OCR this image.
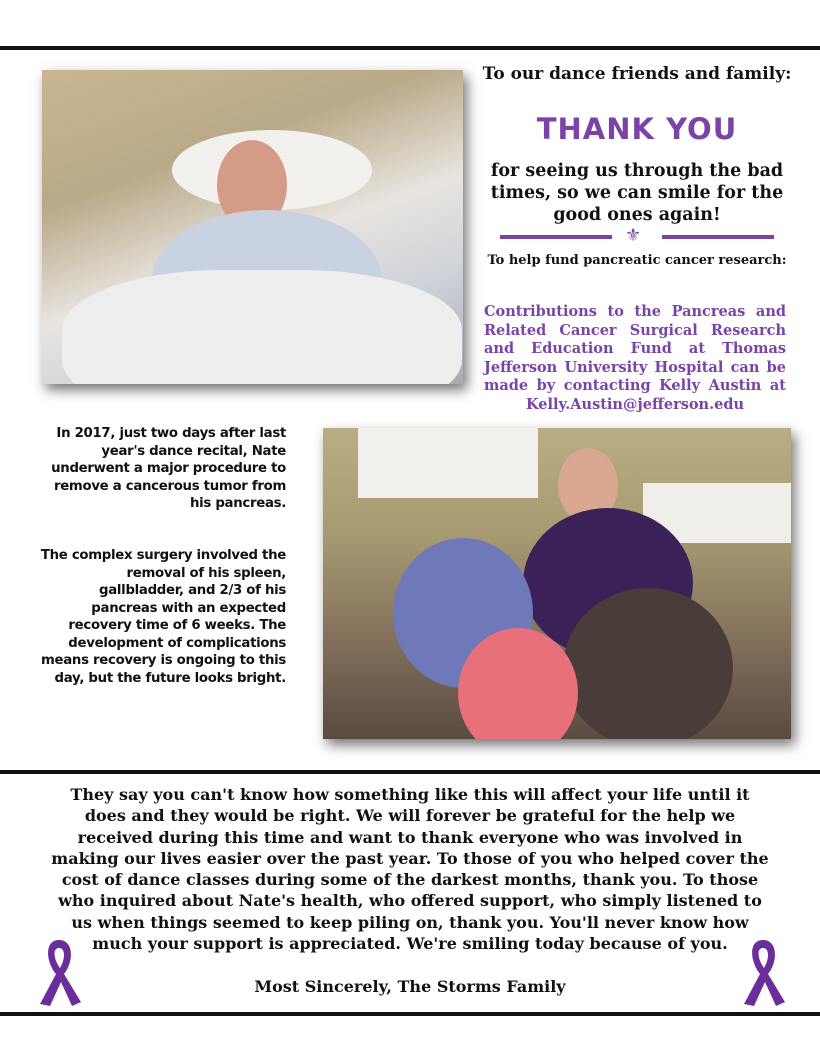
To our dance friends and family:
THANK YOU
for seeing us through the bad times, so we can smile for the good ones again!
⚜
To help fund pancreatic cancer research:
Contributions to the Pancreas and Related Cancer Surgical Research and Education Fund at Thomas Jefferson University Hospital can be made by contacting Kelly Austin at Kelly.Austin@jefferson.edu
In 2017, just two days after last year's dance recital, Nate underwent a major procedure to remove a cancerous tumor from his pancreas.
The complex surgery involved the removal of his spleen, gallbladder, and 2/3 of his pancreas with an expected recovery time of 6 weeks. The development of complications means recovery is ongoing to this day, but the future looks bright.
They say you can't know how something like this will affect your life until it
does and they would be right. We will forever be grateful for the help we
received during this time and want to thank everyone who was involved in
making our lives easier over the past year. To those of you who helped cover the
cost of dance classes during some of the darkest months, thank you. To those
who inquired about Nate's health, who offered support, who simply listened to
us when things seemed to keep piling on, thank you. You'll never know how
much your support is appreciated. We're smiling today because of you.
Most Sincerely, The Storms Family
